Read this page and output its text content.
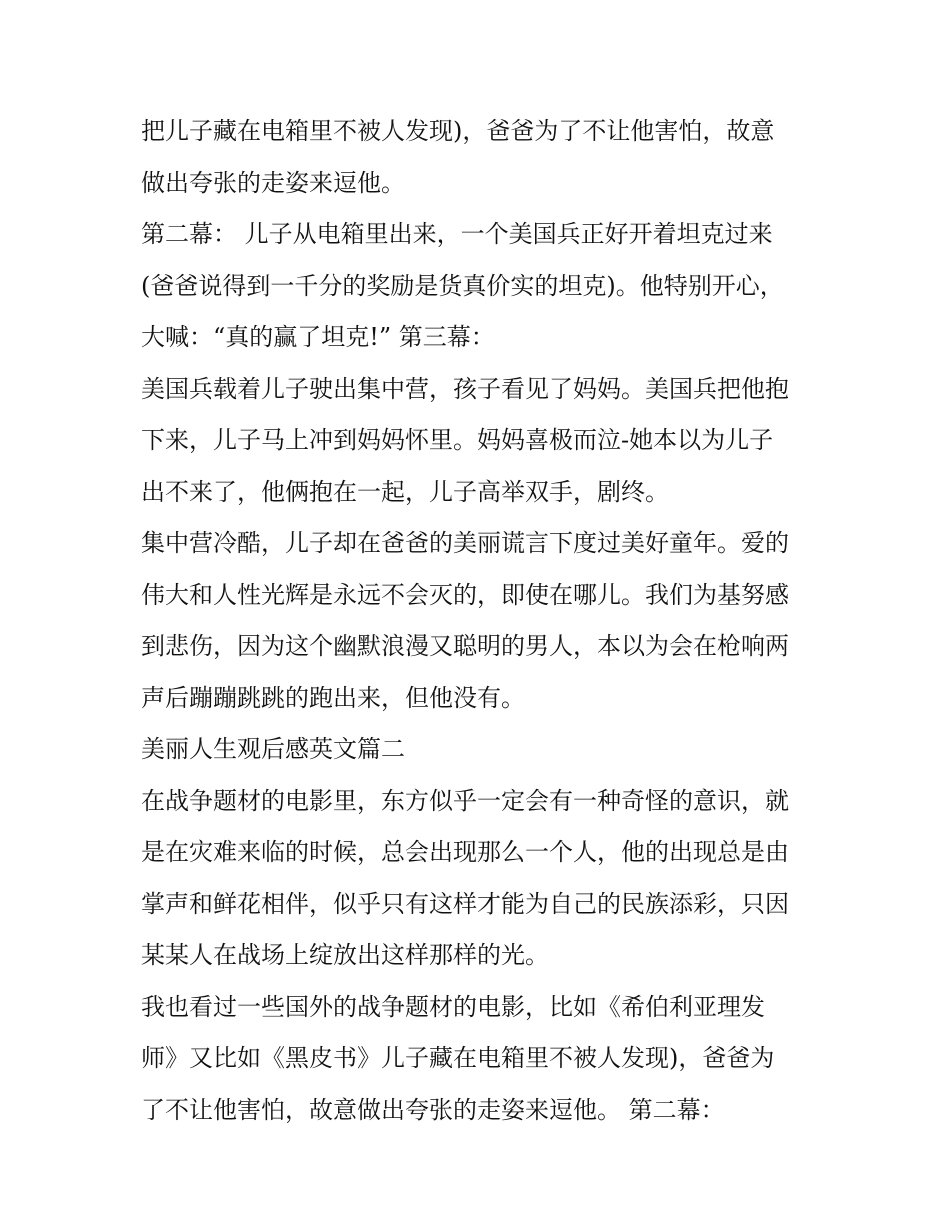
把儿子藏在电箱里不被人发现)，爸爸为了不让他害怕，故意
做出夸张的走姿来逗他。
第二幕： 儿子从电箱里出来，一个美国兵正好开着坦克过来
(爸爸说得到一千分的奖励是货真价实的坦克)。他特别开心，
大喊：“真的赢了坦克!” 第三幕：
美国兵载着儿子驶出集中营，孩子看见了妈妈。美国兵把他抱
下来，儿子马上冲到妈妈怀里。妈妈喜极而泣-她本以为儿子
出不来了，他俩抱在一起，儿子高举双手，剧终。
集中营冷酷，儿子却在爸爸的美丽谎言下度过美好童年。爱的
伟大和人性光辉是永远不会灭的，即使在哪儿。我们为基努感
到悲伤，因为这个幽默浪漫又聪明的男人，本以为会在枪响两
声后蹦蹦跳跳的跑出来，但他没有。
美丽人生观后感英文篇二
在战争题材的电影里，东方似乎一定会有一种奇怪的意识，就
是在灾难来临的时候，总会出现那么一个人，他的出现总是由
掌声和鲜花相伴，似乎只有这样才能为自己的民族添彩，只因
某某人在战场上绽放出这样那样的光。
我也看过一些国外的战争题材的电影，比如《希伯利亚理发
师》又比如《黑皮书》儿子藏在电箱里不被人发现)，爸爸为
了不让他害怕，故意做出夸张的走姿来逗他。 第二幕：
